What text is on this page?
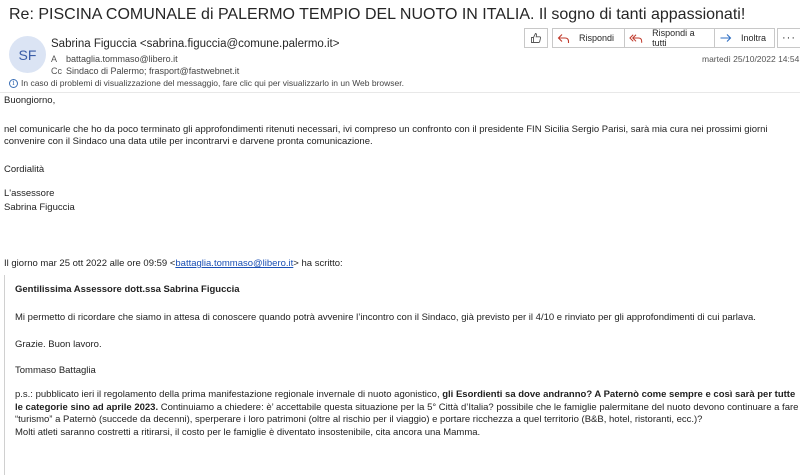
Re: PISCINA COMUNALE di PALERMO TEMPIO DEL NUOTO IN ITALIA. Il sogno di tanti appassionati!
SF
Sabrina Figuccia <sabrina.figuccia@comune.palermo.it>
A battaglia.tommaso@libero.it
Cc Sindaco di Palermo; frasport@fastwebnet.it
Rispondi	Rispondi a tutti	Inoltra	···
martedì 25/10/2022 14:54
i In caso di problemi di visualizzazione del messaggio, fare clic qui per visualizzarlo in un Web browser.
Buongiorno,
nel comunicarle che ho da poco terminato gli approfondimenti ritenuti necessari, ivi compreso un confronto con il presidente FIN Sicilia Sergio Parisi, sarà mia cura nei prossimi giorni
convenire con il Sindaco una data utile per incontrarvi e darvene pronta comunicazione.
Cordialità
L'assessore
Sabrina Figuccia
Il giorno mar 25 ott 2022 alle ore 09:59 <battaglia.tommaso@libero.it> ha scritto:
Gentilissima Assessore dott.ssa Sabrina Figuccia
Mi permetto di ricordare che siamo in attesa di conoscere quando potrà avvenire l’incontro con il Sindaco, già previsto per il 4/10 e rinviato per gli approfondimenti di cui parlava.
Grazie. Buon lavoro.
Tommaso Battaglia
p.s.: pubblicato ieri il regolamento della prima manifestazione regionale invernale di nuoto agonistico, gli Esordienti sa dove andranno? A Paternò come sempre e così sarà per tutte le categorie sino ad aprile 2023. Continuiamo a chiedere: è’ accettabile questa situazione per la 5° Città d’Italia? possibile che le famiglie palermitane del nuoto devono continuare a fare “turismo” a Paternò (succede da decenni), sperperare i loro patrimoni (oltre al rischio per il viaggio) e portare ricchezza a quel territorio (B&B, hotel, ristoranti, ecc.)?
Molti atleti saranno costretti a ritirarsi, il costo per le famiglie è diventato insostenibile, cita ancora una Mamma.
